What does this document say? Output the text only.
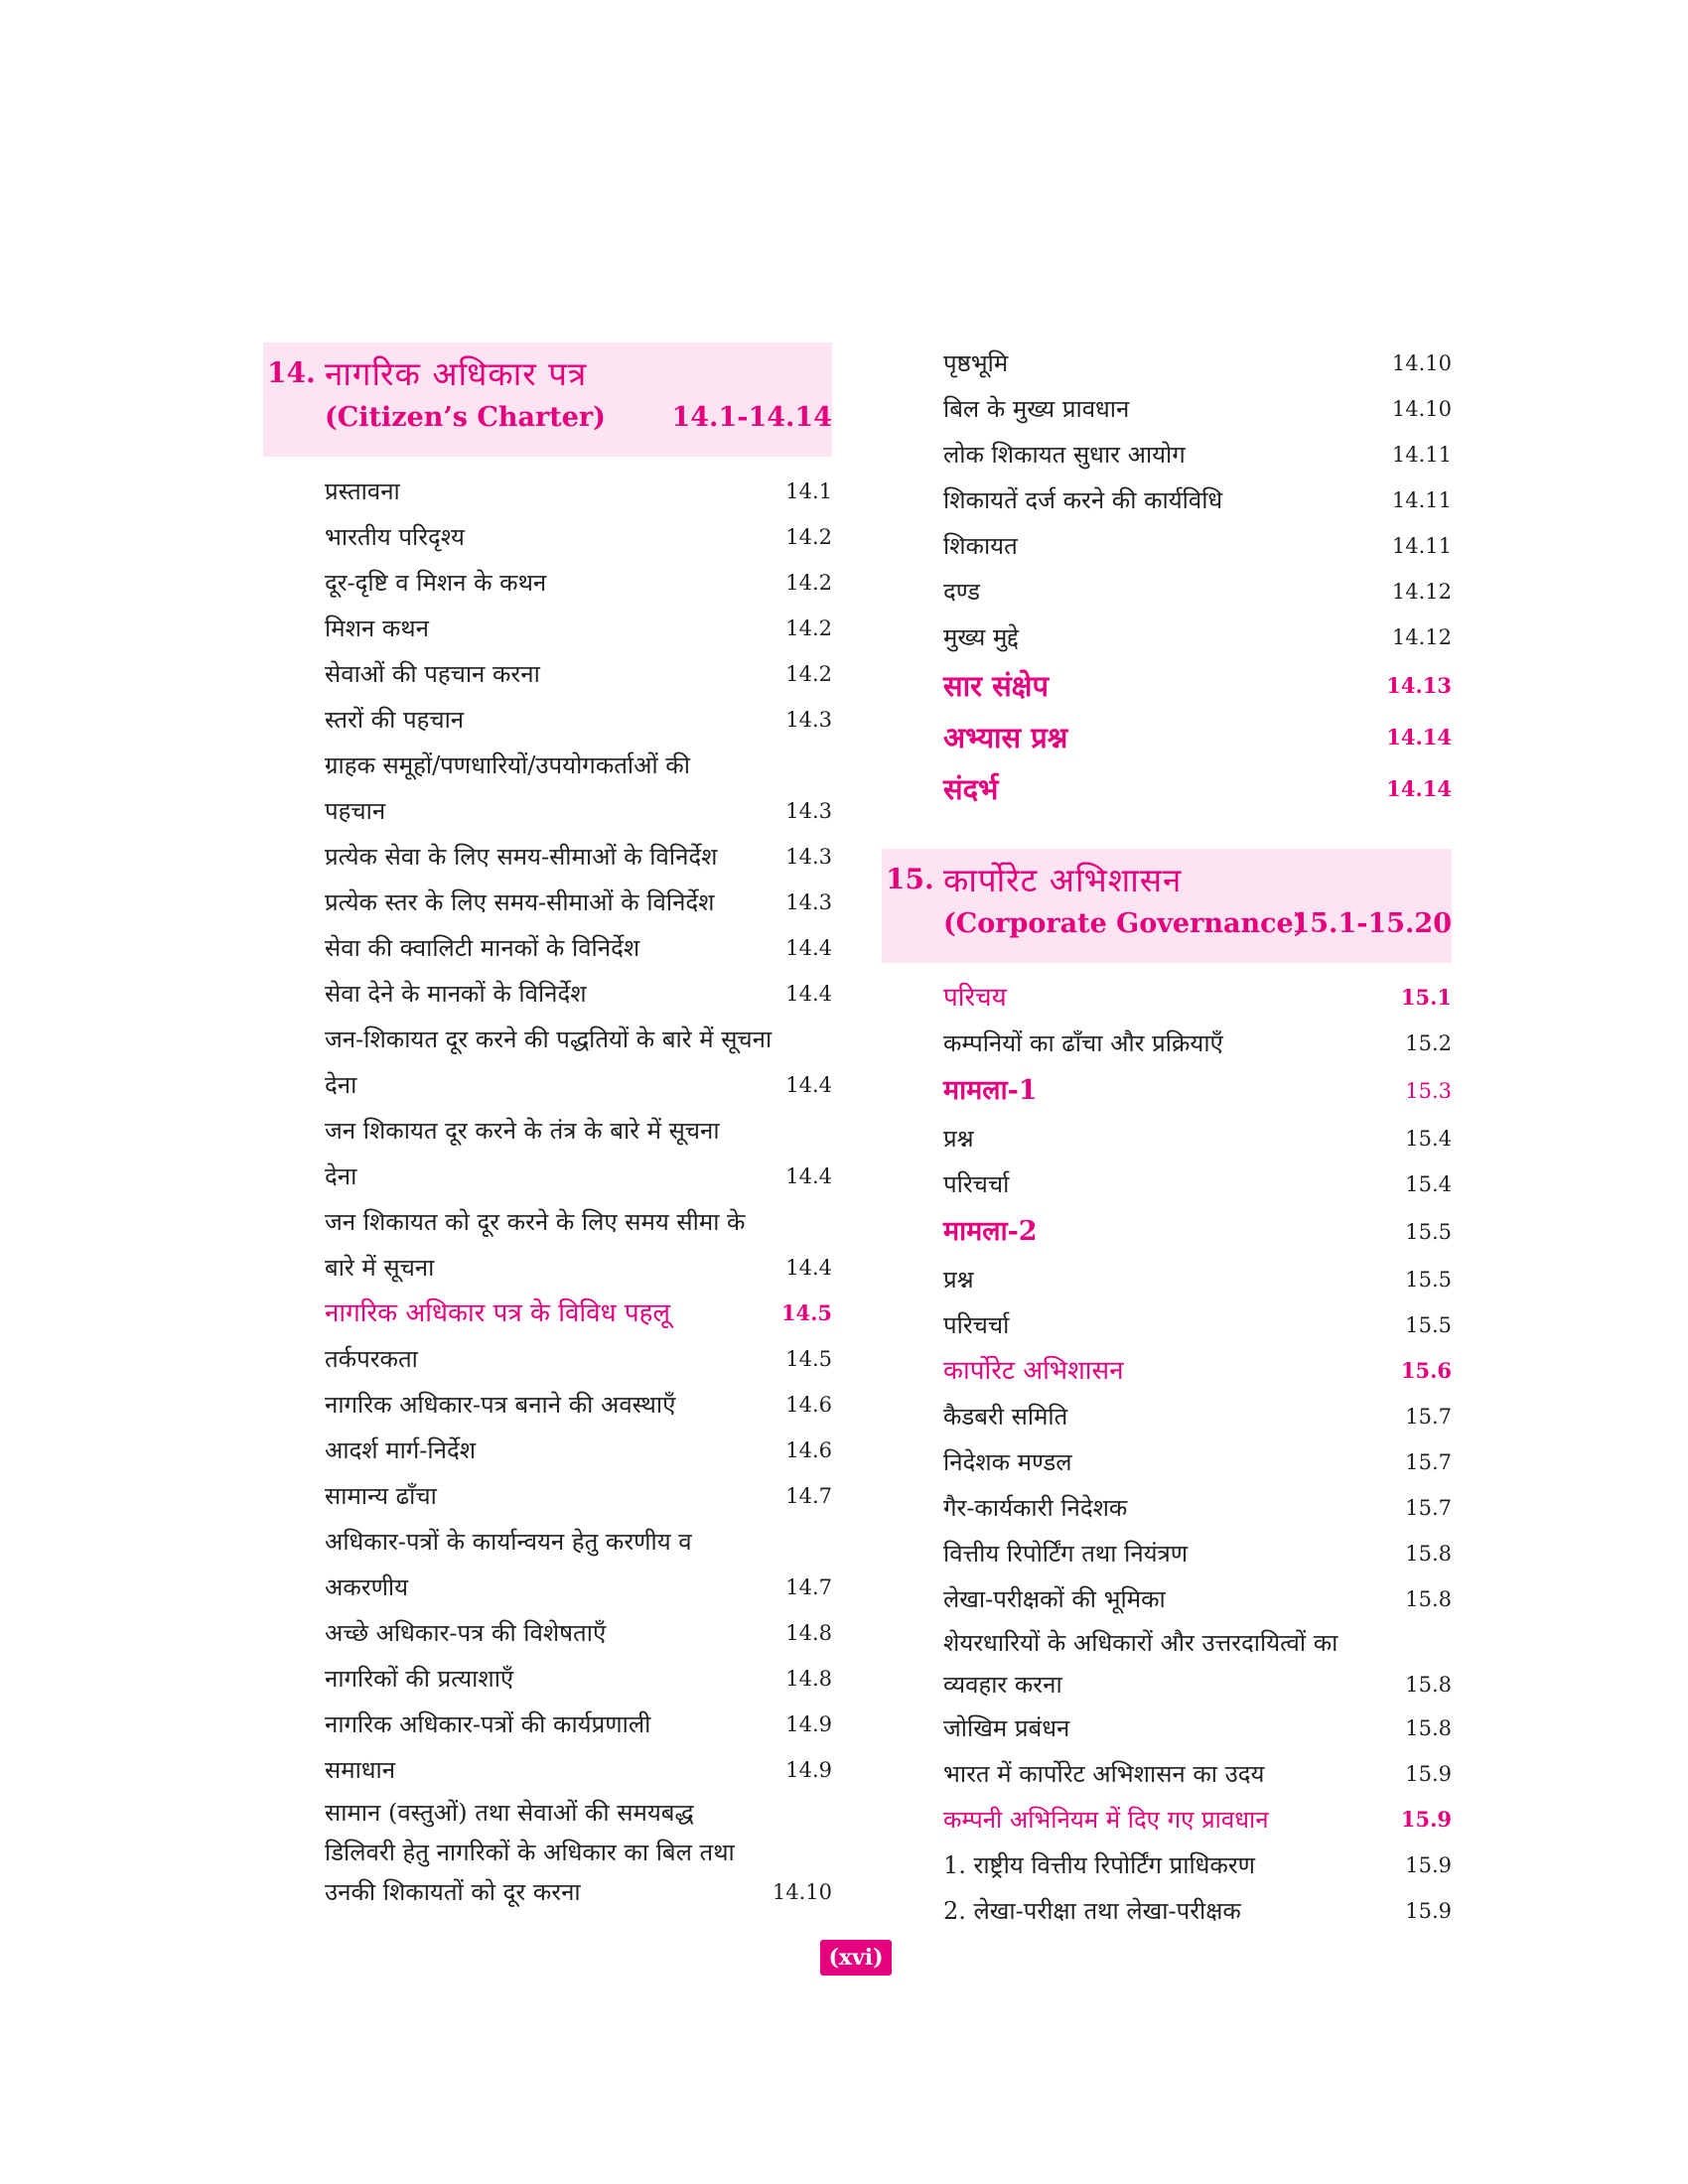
14. नागरिक अधिकार पत्र
(Citizen’s Charter) 14.1-14.14
प्रस्तावना	14.1
भारतीय परिदृश्य	14.2
दूर-दृष्टि व मिशन के कथन	14.2
मिशन कथन	14.2
सेवाओं की पहचान करना	14.2
स्तरों की पहचान	14.3
ग्राहक समूहों/पणधारियों/उपयोगकर्ताओं की पहचान	14.3
प्रत्येक सेवा के लिए समय-सीमाओं के विनिर्देश	14.3
प्रत्येक स्तर के लिए समय-सीमाओं के विनिर्देश	14.3
सेवा की क्वालिटी मानकों के विनिर्देश	14.4
सेवा देने के मानकों के विनिर्देश	14.4
जन-शिकायत दूर करने की पद्धतियों के बारे में सूचना देना	14.4
जन शिकायत दूर करने के तंत्र के बारे में सूचना देना	14.4
जन शिकायत को दूर करने के लिए समय सीमा के बारे में सूचना	14.4
नागरिक अधिकार पत्र के विविध पहलू	14.5
तर्कपरकता	14.5
नागरिक अधिकार-पत्र बनाने की अवस्थाएँ	14.6
आदर्श मार्ग-निर्देश	14.6
सामान्य ढाँचा	14.7
अधिकार-पत्रों के कार्यान्वयन हेतु करणीय व अकरणीय	14.7
अच्छे अधिकार-पत्र की विशेषताएँ	14.8
नागरिकों की प्रत्याशाएँ	14.8
नागरिक अधिकार-पत्रों की कार्यप्रणाली	14.9
समाधान	14.9
सामान (वस्तुओं) तथा सेवाओं की समयबद्ध डिलिवरी हेतु नागरिकों के अधिकार का बिल तथा उनकी शिकायतों को दूर करना	14.10
पृष्ठभूमि	14.10
बिल के मुख्य प्रावधान	14.10
लोक शिकायत सुधार आयोग	14.11
शिकायतें दर्ज करने की कार्यविधि	14.11
शिकायत	14.11
दण्ड	14.12
मुख्य मुद्दे	14.12
सार संक्षेप	14.13
अभ्यास प्रश्न	14.14
संदर्भ	14.14
15. कार्पोरेट अभिशासन
(Corporate Governance)
15.1-15.20
परिचय	15.1
कम्पनियों का ढाँचा और प्रक्रियाएँ	15.2
मामला-1	15.3
प्रश्न	15.4
परिचर्चा	15.4
मामला-2	15.5
प्रश्न	15.5
परिचर्चा	15.5
कार्पोरेट अभिशासन	15.6
कैडबरी समिति	15.7
निदेशक मण्डल	15.7
गैर-कार्यकारी निदेशक	15.7
वित्तीय रिपोर्टिंग तथा नियंत्रण	15.8
लेखा-परीक्षकों की भूमिका	15.8
शेयरधारियों के अधिकारों और उत्तरदायित्वों का व्यवहार करना	15.8
जोखिम प्रबंधन	15.8
भारत में कार्पोरेट अभिशासन का उदय	15.9
कम्पनी अभिनियम में दिए गए प्रावधान	15.9
1. राष्ट्रीय वित्तीय रिपोर्टिंग प्राधिकरण	15.9
2. लेखा-परीक्षा तथा लेखा-परीक्षक	15.9
(xvi)
